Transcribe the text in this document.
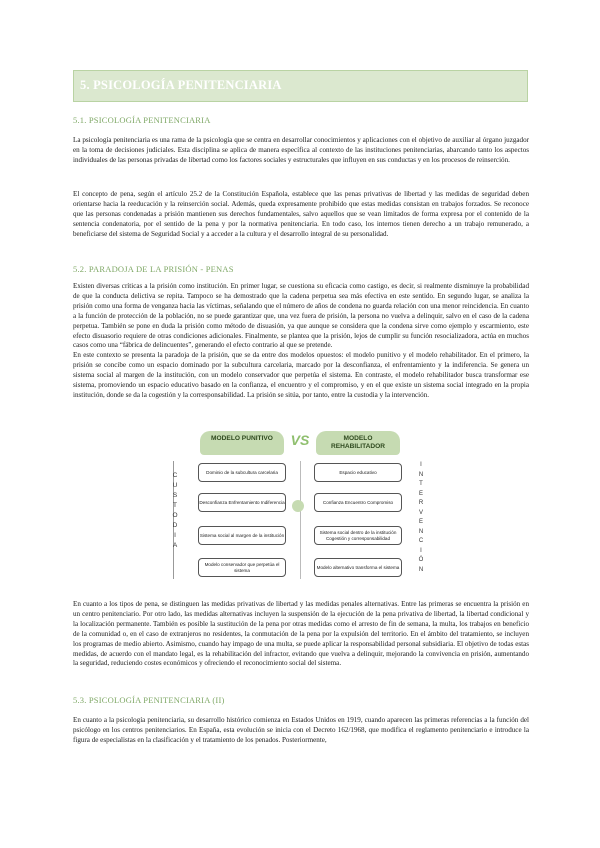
5. PSICOLOGÍA PENITENCIARIA
5.1. PSICOLOGÍA PENITENCIARIA

La psicología penitenciaria es una rama de la psicología que se centra en desarrollar conocimientos y aplicaciones con el objetivo de auxiliar al órgano juzgador en la toma de decisiones judiciales. Esta disciplina se aplica de manera específica al contexto de las instituciones penitenciarias, abarcando tanto los aspectos individuales de las personas privadas de libertad como los factores sociales y estructurales que influyen en sus conductas y en los procesos de reinserción.

El concepto de pena, según el artículo 25.2 de la Constitución Española, establece que las penas privativas de libertad y las medidas de seguridad deben orientarse hacia la reeducación y la reinserción social. Además, queda expresamente prohibido que estas medidas consistan en trabajos forzados. Se reconoce que las personas condenadas a prisión mantienen sus derechos fundamentales, salvo aquellos que se vean limitados de forma expresa por el contenido de la sentencia condenatoria, por el sentido de la pena y por la normativa penitenciaria. En todo caso, los internos tienen derecho a un trabajo remunerado, a beneficiarse del sistema de Seguridad Social y a acceder a la cultura y el desarrollo integral de su personalidad.

5.2. PARADOJA DE LA PRISIÓN - PENAS

Existen diversas críticas a la prisión como institución. En primer lugar, se cuestiona su eficacia como castigo, es decir, si realmente disminuye la probabilidad de que la conducta delictiva se repita. Tampoco se ha demostrado que la cadena perpetua sea más efectiva en este sentido. En segundo lugar, se analiza la prisión como una forma de venganza hacia las víctimas, señalando que el número de años de condena no guarda relación con una menor reincidencia. En cuanto a la función de protección de la población, no se puede garantizar que, una vez fuera de prisión, la persona no vuelva a delinquir, salvo en el caso de la cadena perpetua. También se pone en duda la prisión como método de disuasión, ya que aunque se considera que la condena sirve como ejemplo y escarmiento, este efecto disuasorio requiere de otras condiciones adicionales. Finalmente, se plantea que la prisión, lejos de cumplir su función resocializadora, actúa en muchos casos como una “fábrica de delincuentes”, generando el efecto contrario al que se pretende.

En este contexto se presenta la paradoja de la prisión, que se da entre dos modelos opuestos: el modelo punitivo y el modelo rehabilitador. En el primero, la prisión se concibe como un espacio dominado por la subcultura carcelaria, marcado por la desconfianza, el enfrentamiento y la indiferencia. Se genera un sistema social al margen de la institución, con un modelo conservador que perpetúa el sistema. En contraste, el modelo rehabilitador busca transformar ese sistema, promoviendo un espacio educativo basado en la confianza, el encuentro y el compromiso, y en el que existe un sistema social integrado en la propia institución, donde se da la cogestión y la corresponsabilidad. La prisión se sitúa, por tanto, entre la custodia y la intervención.

MODELO PUNITIVO	VS	MODELO REHABILITADOR
C
U
S
T
O
D
I
A
Dominio de la subcultura carcelaria
Desconfianza Enfrentamiento Indiferencia
Sistema social al margen de la institución
Modelo conservador que perpetúa el sistema
Espacio educativo
Confianza Encuentro Compromiso
Sistema social dentro de la institución Cogestión y corresponsabilidad
Modelo alternativo transforma el sistema
I
N
T
E
R
V
E
N
C
I
Ó
N

En cuanto a los tipos de pena, se distinguen las medidas privativas de libertad y las medidas penales alternativas. Entre las primeras se encuentra la prisión en un centro penitenciario. Por otro lado, las medidas alternativas incluyen la suspensión de la ejecución de la pena privativa de libertad, la libertad condicional y la localización permanente. También es posible la sustitución de la pena por otras medidas como el arresto de fin de semana, la multa, los trabajos en beneficio de la comunidad o, en el caso de extranjeros no residentes, la conmutación de la pena por la expulsión del territorio. En el ámbito del tratamiento, se incluyen los programas de medio abierto. Asimismo, cuando hay impago de una multa, se puede aplicar la responsabilidad personal subsidiaria. El objetivo de todas estas medidas, de acuerdo con el mandato legal, es la rehabilitación del infractor, evitando que vuelva a delinquir, mejorando la convivencia en prisión, aumentando la seguridad, reduciendo costes económicos y ofreciendo el reconocimiento social del sistema.

5.3. PSICOLOGÍA PENITENCIARIA (II)

En cuanto a la psicología penitenciaria, su desarrollo histórico comienza en Estados Unidos en 1919, cuando aparecen las primeras referencias a la función del psicólogo en los centros penitenciarios. En España, esta evolución se inicia con el Decreto 162/1968, que modifica el reglamento penitenciario e introduce la figura de especialistas en la clasificación y el tratamiento de los penados. Posteriormente,
